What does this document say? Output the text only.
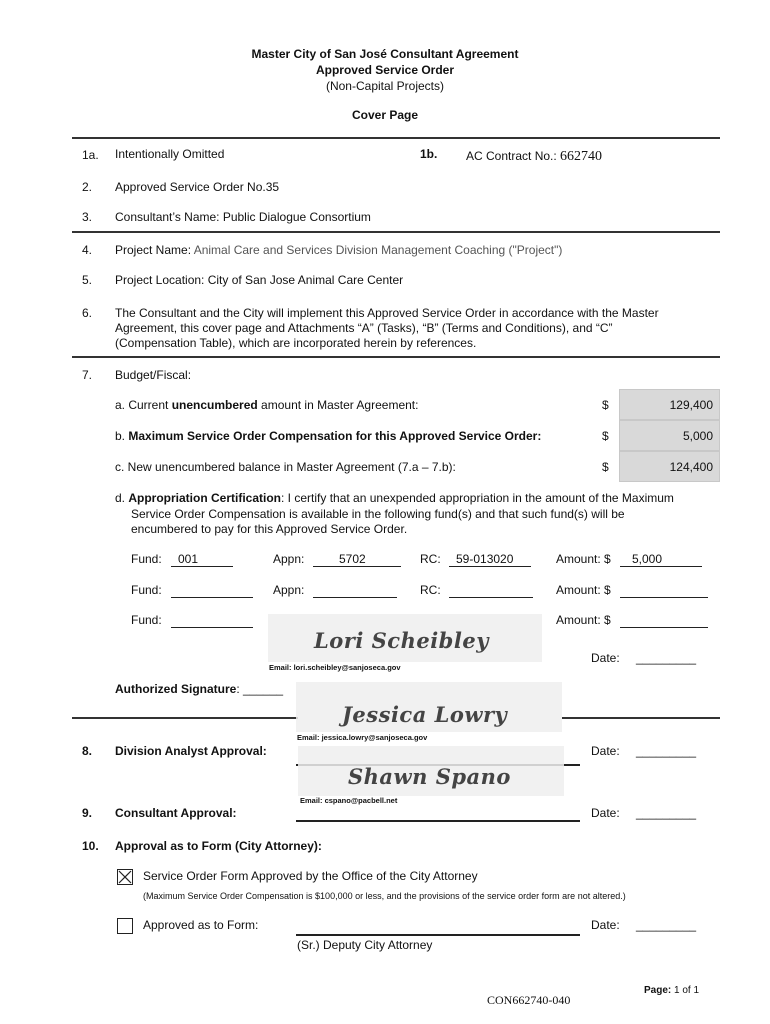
Master City of San José Consultant Agreement
Approved Service Order
(Non-Capital Projects)
Cover Page
1a. Intentionally Omitted	1b. AC Contract No.: 662740
2. Approved Service Order No.35
3. Consultant’s Name: Public Dialogue Consortium
4. Project Name: Animal Care and Services Division Management Coaching ("Project")
5. Project Location: City of San Jose Animal Care Center
6. The Consultant and the City will implement this Approved Service Order in accordance with the Master
Agreement, this cover page and Attachments “A” (Tasks), “B” (Terms and Conditions), and “C”
(Compensation Table), which are incorporated herein by references.
7. Budget/Fiscal:
a. Current unencumbered amount in Master Agreement:	$	129,400
b. Maximum Service Order Compensation for this Approved Service Order:	$	5,000
c. New unencumbered balance in Master Agreement (7.a – 7.b):	$	124,400
d. Appropriation Certification: I certify that an unexpended appropriation in the amount of the Maximum
Service Order Compensation is available in the following fund(s) and that such fund(s) will be
encumbered to pay for this Approved Service Order.
Fund: 001	Appn:	5702	RC: 59-013020	Amount: $ 5,000
Fund:	Appn:	RC:	Amount: $
Fund:	Amount: $
Lori Scheibley
Email: lori.scheibley@sanjoseca.gov
Date: _________
Authorized Signature: ______
Jessica Lowry
Email: jessica.lowry@sanjoseca.gov
8. Division Analyst Approval:	Date: _________
Shawn Spano
Email: cspano@pacbell.net
9. Consultant Approval:	Date: _________
10. Approval as to Form (City Attorney):
Service Order Form Approved by the Office of the City Attorney
(Maximum Service Order Compensation is $100,000 or less, and the provisions of the service order form are not altered.)
Approved as to Form:	Date: _________
(Sr.) Deputy City Attorney
Page: 1 of 1
CON662740-040
